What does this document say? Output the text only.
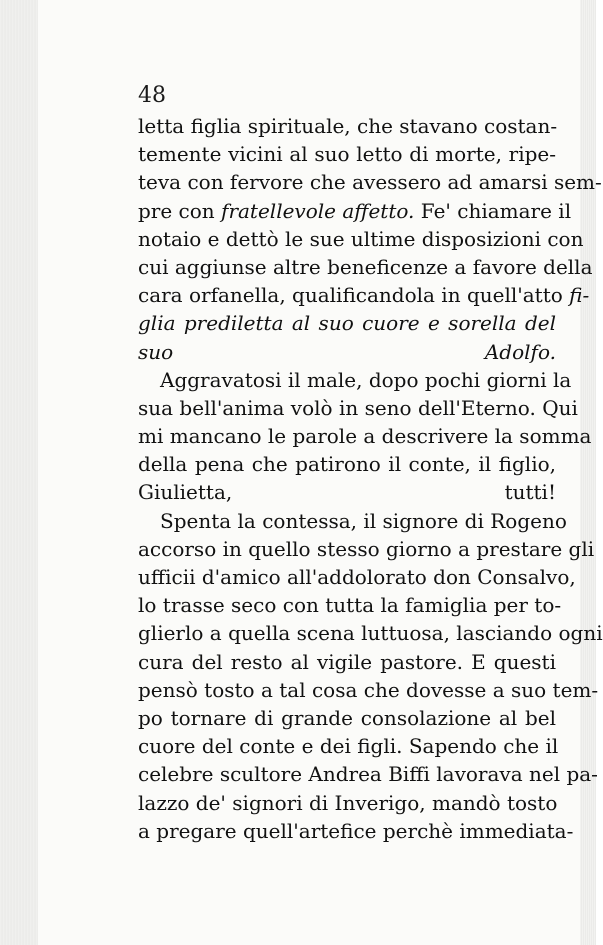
48
letta figlia spirituale, che stavano costan-
temente vicini al suo letto di morte, ripe-
teva con fervore che avessero ad amarsi sem-
pre con fratellevole affetto. Fe' chiamare il
notaio e dettò le sue ultime disposizioni con
cui aggiunse altre beneficenze a favore della
cara orfanella, qualificandola in quell'atto fi-
glia prediletta al suo cuore e sorella del
suo Adolfo.
Aggravatosi il male, dopo pochi giorni la
sua bell'anima volò in seno dell'Eterno. Qui
mi mancano le parole a descrivere la somma
della pena che patirono il conte, il figlio,
Giulietta, tutti!
Spenta la contessa, il signore di Rogeno
accorso in quello stesso giorno a prestare gli
ufficii d'amico all'addolorato don Consalvo,
lo trasse seco con tutta la famiglia per to-
glierlo a quella scena luttuosa, lasciando ogni
cura del resto al vigile pastore. E questi
pensò tosto a tal cosa che dovesse a suo tem-
po tornare di grande consolazione al bel
cuore del conte e dei figli. Sapendo che il
celebre scultore Andrea Biffi lavorava nel pa-
lazzo de' signori di Inverigo, mandò tosto
a pregare quell'artefice perchè immediata-
